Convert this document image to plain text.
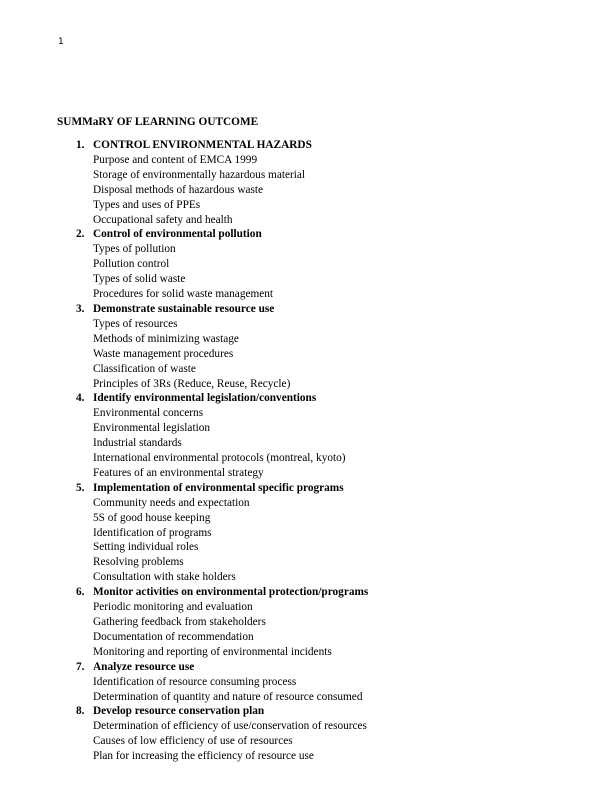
1
SUMMaRY OF LEARNING OUTCOME
1. CONTROL ENVIRONMENTAL HAZARDS
Purpose and content of EMCA 1999
Storage of environmentally hazardous material
Disposal methods of hazardous waste
Types and uses of PPEs
Occupational safety and health
2. Control of environmental pollution
Types of pollution
Pollution control
Types of solid waste
Procedures for solid waste management
3. Demonstrate sustainable resource use
Types of resources
Methods of minimizing wastage
Waste management procedures
Classification of waste
Principles of 3Rs (Reduce, Reuse, Recycle)
4. Identify environmental legislation/conventions
Environmental concerns
Environmental legislation
Industrial standards
International environmental protocols (montreal, kyoto)
Features of an environmental strategy
5. Implementation of environmental specific programs
Community needs and expectation
5S of good house keeping
Identification of programs
Setting individual roles
Resolving problems
Consultation with stake holders
6. Monitor activities on environmental protection/programs
Periodic monitoring and evaluation
Gathering feedback from stakeholders
Documentation of recommendation
Monitoring and reporting of environmental incidents
7. Analyze resource use
Identification of resource consuming process
Determination of quantity and nature of resource consumed
8. Develop resource conservation plan
Determination of efficiency of use/conservation of resources
Causes of low efficiency of use of resources
Plan for increasing the efficiency of resource use
